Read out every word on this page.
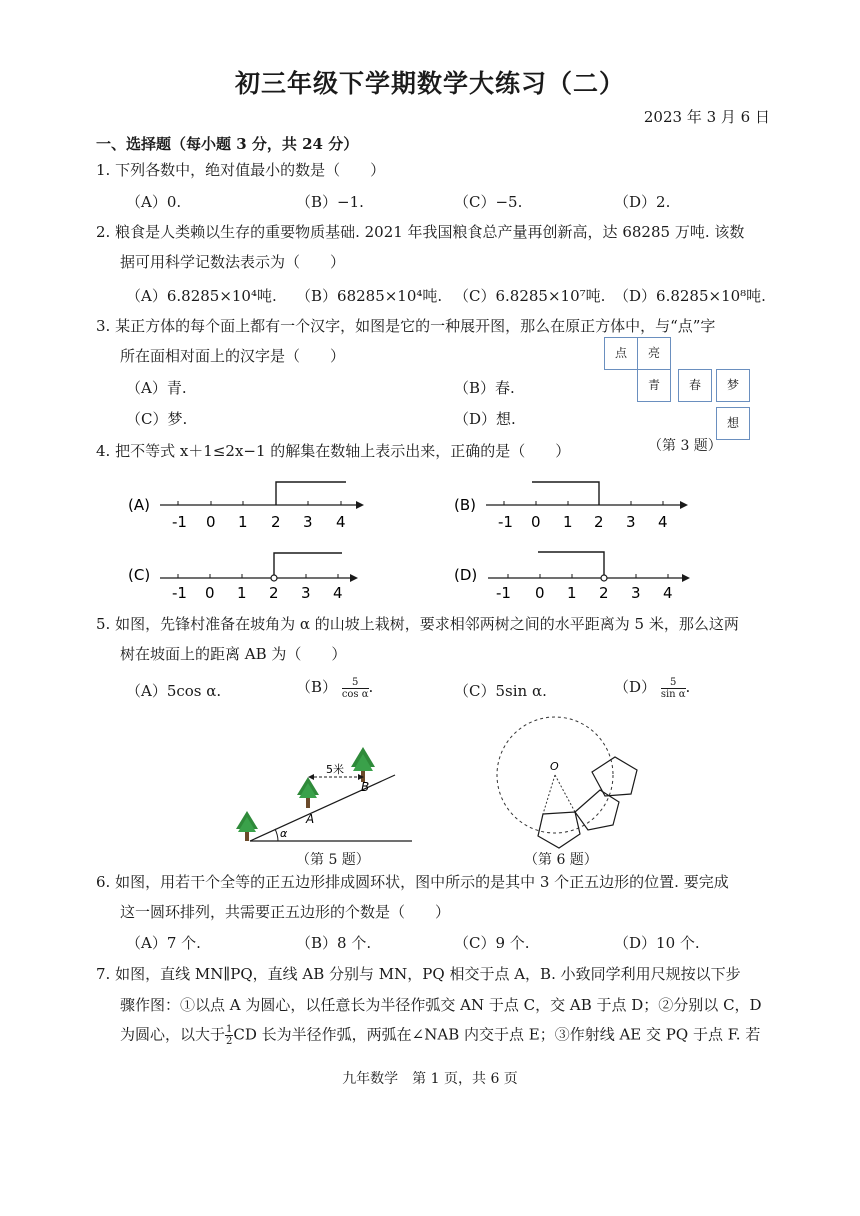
初三年级下学期数学大练习（二）
2023 年 3 月 6 日
一、选择题（每小题 3 分，共 24 分）
1. 下列各数中，绝对值最小的数是（　　）
（A）0.	（B）−1.	（C）−5.	（D）2.
2. 粮食是人类赖以生存的重要物质基础. 2021 年我国粮食总产量再创新高，达 68285 万吨. 该数
据可用科学记数法表示为（　　）
（A）6.8285×10⁴吨. （B）68285×10⁴吨. （C）6.8285×10⁷吨. （D）6.8285×10⁸吨.
3. 某正方体的每个面上都有一个汉字，如图是它的一种展开图，那么在原正方体中，与“点”字
所在面相对面上的汉字是（　　）
（A）青.	（B）春.
（C）梦.	（D）想.
点	亮
青	春	梦
想
（第 3 题）
4. 把不等式 x＋1≤2x−1 的解集在数轴上表示出来，正确的是（　　）
(A)
-1 0 1 2 3 4
(B)
-1 0 1 2 3 4
(C)
-1 0 1 2 3 4
(D)
-1 0 1 2 3 4
5. 如图，先锋村准备在坡角为 α 的山坡上栽树，要求相邻两树之间的水平距离为 5 米，那么这两
树在坡面上的距离 AB 为（　　）
（A）5cos α.	$(B) \frac{5}{\text{cos α}}$ .	（C）5sin α.	$(D) \frac{5}{\text{sin α}}$ .
5米
A
B
α
（第 5 题）
O
（第 6 题）
6. 如图，用若干个全等的正五边形排成圆环状，图中所示的是其中 3 个正五边形的位置. 要完成
这一圆环排列，共需要正五边形的个数是（　　）
（A）7 个.	（B）8 个.	（C）9 个.	（D）10 个.
7. 如图，直线 MN∥PQ，直线 AB 分别与 MN，PQ 相交于点 A，B. 小致同学利用尺规按以下步
骤作图：①以点 A 为圆心，以任意长为半径作弧交 AN 于点 C，交 AB 于点 D；②分别以 C，D
为圆心，以大于 $\frac{1}{2}$ CD 长为半径作弧，两弧在∠NAB 内交于点 E；③作射线 AE 交 PQ 于点 F. 若
九年数学　第 1 页，共 6 页
